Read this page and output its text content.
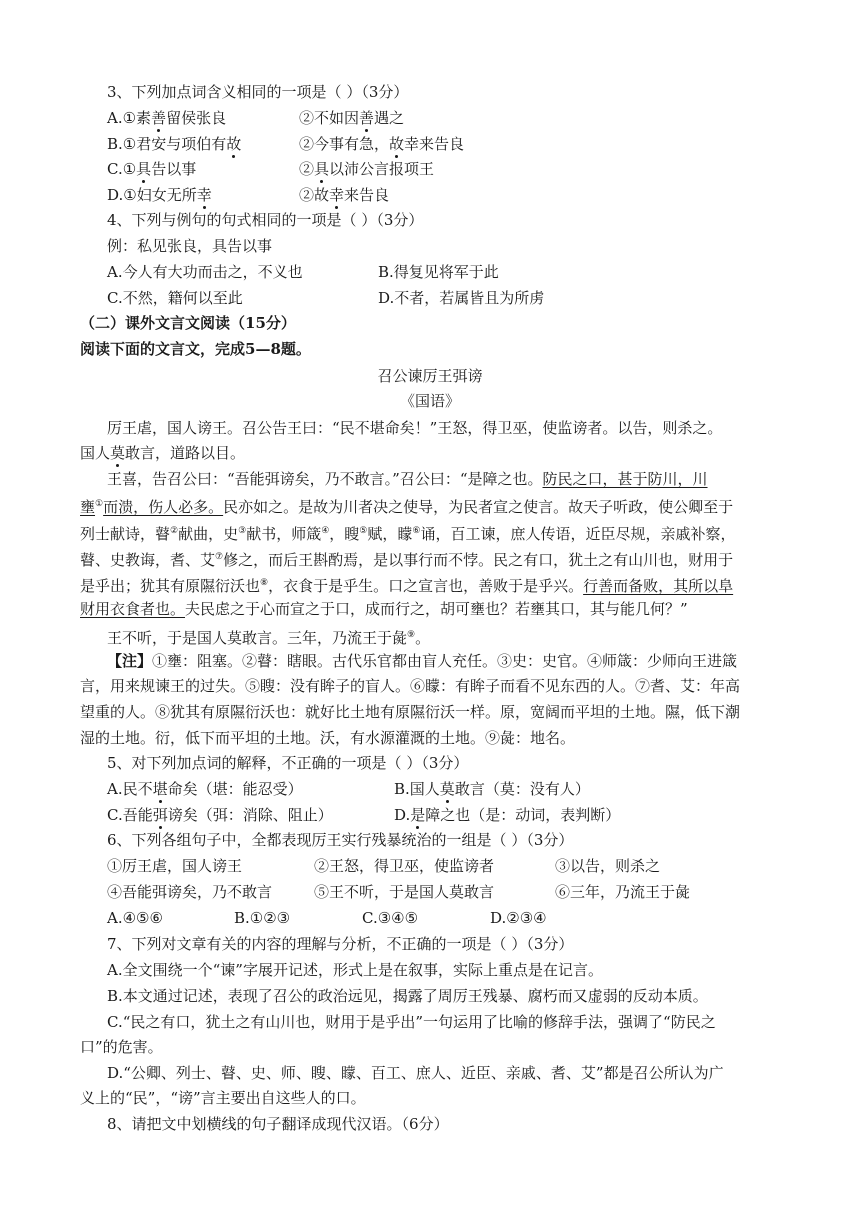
3、下列加点词含义相同的一项是（ ）（3分）
A.①素善留侯张良	②不如因善遇之
B.①君安与项伯有故	②今事有急，故幸来告良
C.①具告以事	②具以沛公言报项王
D.①妇女无所幸	②故幸来告良
4、下列与例句的句式相同的一项是（ ）（3分）
例：私见张良，具告以事
A.今人有大功而击之，不义也	B.得复见将军于此
C.不然，籍何以至此	D.不者，若属皆且为所虏
（二）课外文言文阅读（15分）
阅读下面的文言文，完成5—8题。
召公谏厉王弭谤
《国语》
厉王虐，国人谤王。召公告王曰：“民不堪命矣！”王怒，得卫巫，使监谤者。以告，则杀之。
国人莫敢言，道路以目。
王喜，告召公曰：“吾能弭谤矣，乃不敢言。”召公曰：“是障之也。防民之口，甚于防川，川
壅①而溃，伤人必多。民亦如之。是故为川者决之使导，为民者宣之使言。故天子听政，使公卿至于
列士献诗，瞽②献曲，史③献书，师箴④，瞍⑤赋，矇⑥诵，百工谏，庶人传语，近臣尽规，亲戚补察，
瞽、史教诲，耆、艾⑦修之，而后王斟酌焉，是以事行而不悖。民之有口，犹土之有山川也，财用于
是乎出；犹其有原隰衍沃也⑧，衣食于是乎生。口之宣言也，善败于是乎兴。行善而备败，其所以阜
财用衣食者也。夫民虑之于心而宣之于口，成而行之，胡可壅也？若壅其口，其与能几何？”
王不听，于是国人莫敢言。三年，乃流王于彘⑨。
【注】①壅：阻塞。②瞽：瞎眼。古代乐官都由盲人充任。③史：史官。④师箴：少师向王进箴
言，用来规谏王的过失。⑤瞍：没有眸子的盲人。⑥矇：有眸子而看不见东西的人。⑦耆、艾：年高
望重的人。⑧犹其有原隰衍沃也：就好比土地有原隰衍沃一样。原，宽阔而平坦的土地。隰，低下潮
湿的土地。衍，低下而平坦的土地。沃，有水源灌溉的土地。⑨彘：地名。
5、对下列加点词的解释，不正确的一项是（ ）（3分）
A.民不堪命矣（堪：能忍受）	B.国人莫敢言（莫：没有人）
C.吾能弭谤矣（弭：消除、阻止）	D.是障之也（是：动词，表判断）
6、下列各组句子中，全都表现厉王实行残暴统治的一组是（ ）（3分）
①厉王虐，国人谤王	②王怒，得卫巫，使监谤者	③以告，则杀之
④吾能弭谤矣，乃不敢言	⑤王不听，于是国人莫敢言	⑥三年，乃流王于彘
A.④⑤⑥	B.①②③	C.③④⑤	D.②③④
7、下列对文章有关的内容的理解与分析，不正确的一项是（ ）（3分）
A.全文围绕一个“谏”字展开记述，形式上是在叙事，实际上重点是在记言。
B.本文通过记述，表现了召公的政治远见，揭露了周厉王残暴、腐朽而又虚弱的反动本质。
C.“民之有口，犹土之有山川也，财用于是乎出”一句运用了比喻的修辞手法，强调了“防民之
口”的危害。
D.“公卿、列士、瞽、史、师、瞍、矇、百工、庶人、近臣、亲戚、耆、艾”都是召公所认为广
义上的“民”，“谤”言主要出自这些人的口。
8、请把文中划横线的句子翻译成现代汉语。（6分）
